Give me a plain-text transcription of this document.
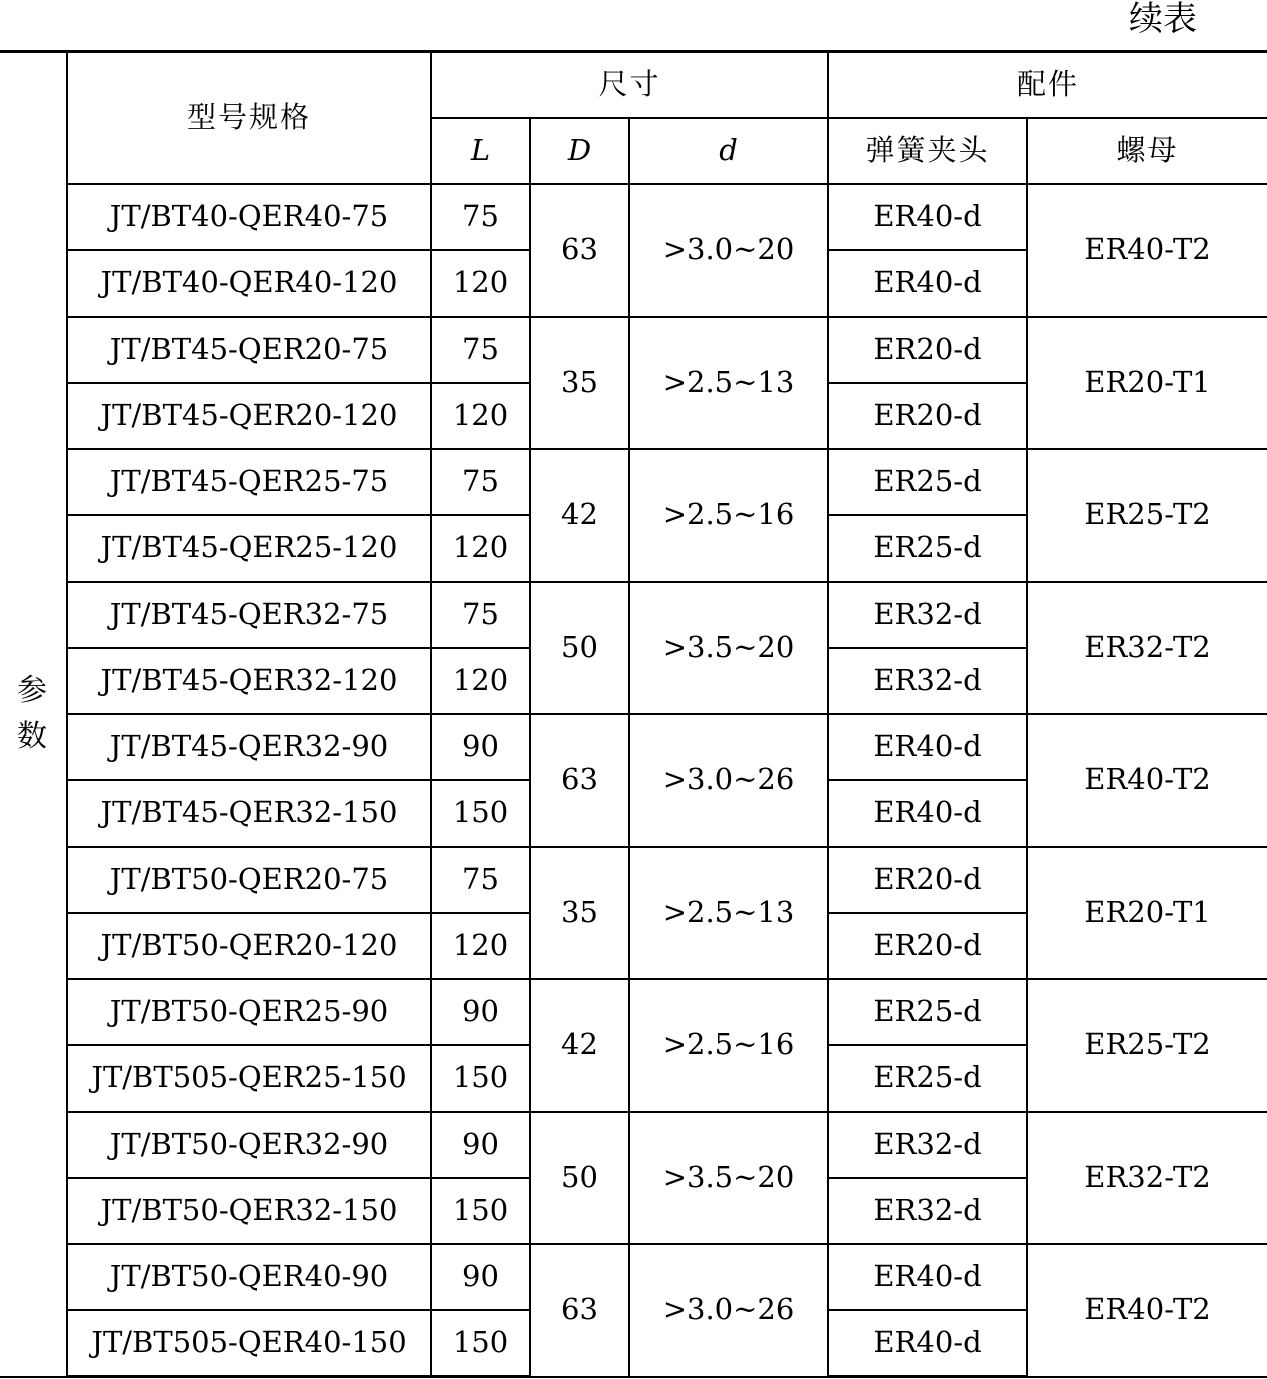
续表
参
数	型号规格	尺寸			配件	
		L	D	d	弹簧夹头	螺母
	JT/BT40-QER40-75	75	63	>3.0~20	ER40-d	ER40-T2
	JT/BT40-QER40-120	120			ER40-d	
	JT/BT45-QER20-75	75	35	>2.5~13	ER20-d	ER20-T1
	JT/BT45-QER20-120	120			ER20-d	
	JT/BT45-QER25-75	75	42	>2.5~16	ER25-d	ER25-T2
	JT/BT45-QER25-120	120			ER25-d	
	JT/BT45-QER32-75	75	50	>3.5~20	ER32-d	ER32-T2
	JT/BT45-QER32-120	120			ER32-d	
	JT/BT45-QER32-90	90	63	>3.0~26	ER40-d	ER40-T2
	JT/BT45-QER32-150	150			ER40-d	
	JT/BT50-QER20-75	75	35	>2.5~13	ER20-d	ER20-T1
	JT/BT50-QER20-120	120			ER20-d	
	JT/BT50-QER25-90	90	42	>2.5~16	ER25-d	ER25-T2
	JT/BT505-QER25-150	150			ER25-d	
	JT/BT50-QER32-90	90	50	>3.5~20	ER32-d	ER32-T2
	JT/BT50-QER32-150	150			ER32-d	
	JT/BT50-QER40-90	90	63	>3.0~26	ER40-d	ER40-T2
	JT/BT505-QER40-150	150			ER40-d	
